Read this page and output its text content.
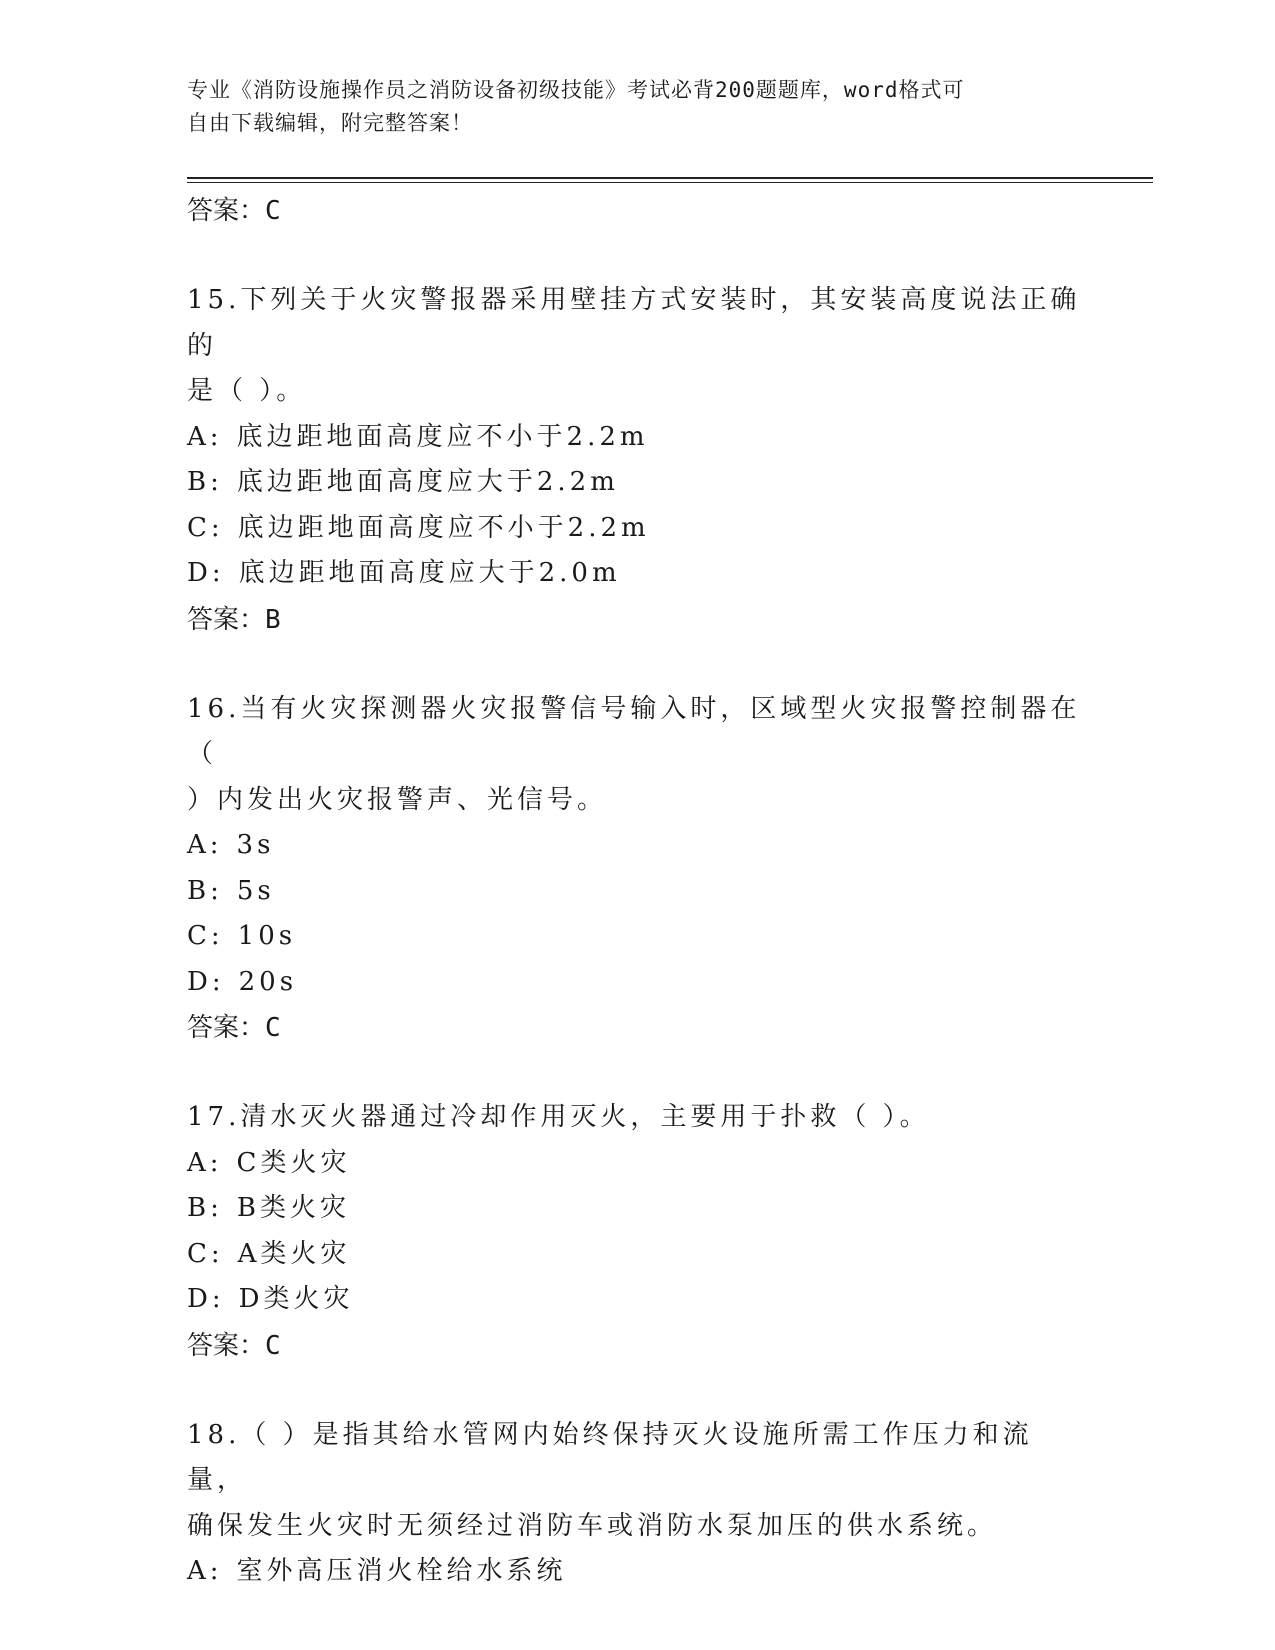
专业《消防设施操作员之消防设备初级技能》考试必背200题题库，word格式可
自由下载编辑，附完整答案！
答案：C

15.下列关于火灾警报器采用壁挂方式安装时，其安装高度说法正确的
是（ ）。

A: 底边距地面高度应不小于2.2m
B: 底边距地面高度应大于2.2m
C: 底边距地面高度应不小于2.2m
D: 底边距地面高度应大于2.0m
答案：B

16.当有火灾探测器火灾报警信号输入时，区域型火灾报警控制器在（
）内发出火灾报警声、光信号。

A: 3s
B: 5s
C: 10s
D: 20s
答案：C

17.清水灭火器通过冷却作用灭火，主要用于扑救（ ）。

A: C类火灾
B: B类火灾
C: A类火灾
D: D类火灾
答案：C

18.（ ）是指其给水管网内始终保持灭火设施所需工作压力和流量，
确保发生火灾时无须经过消防车或消防水泵加压的供水系统。

A: 室外高压消火栓给水系统
